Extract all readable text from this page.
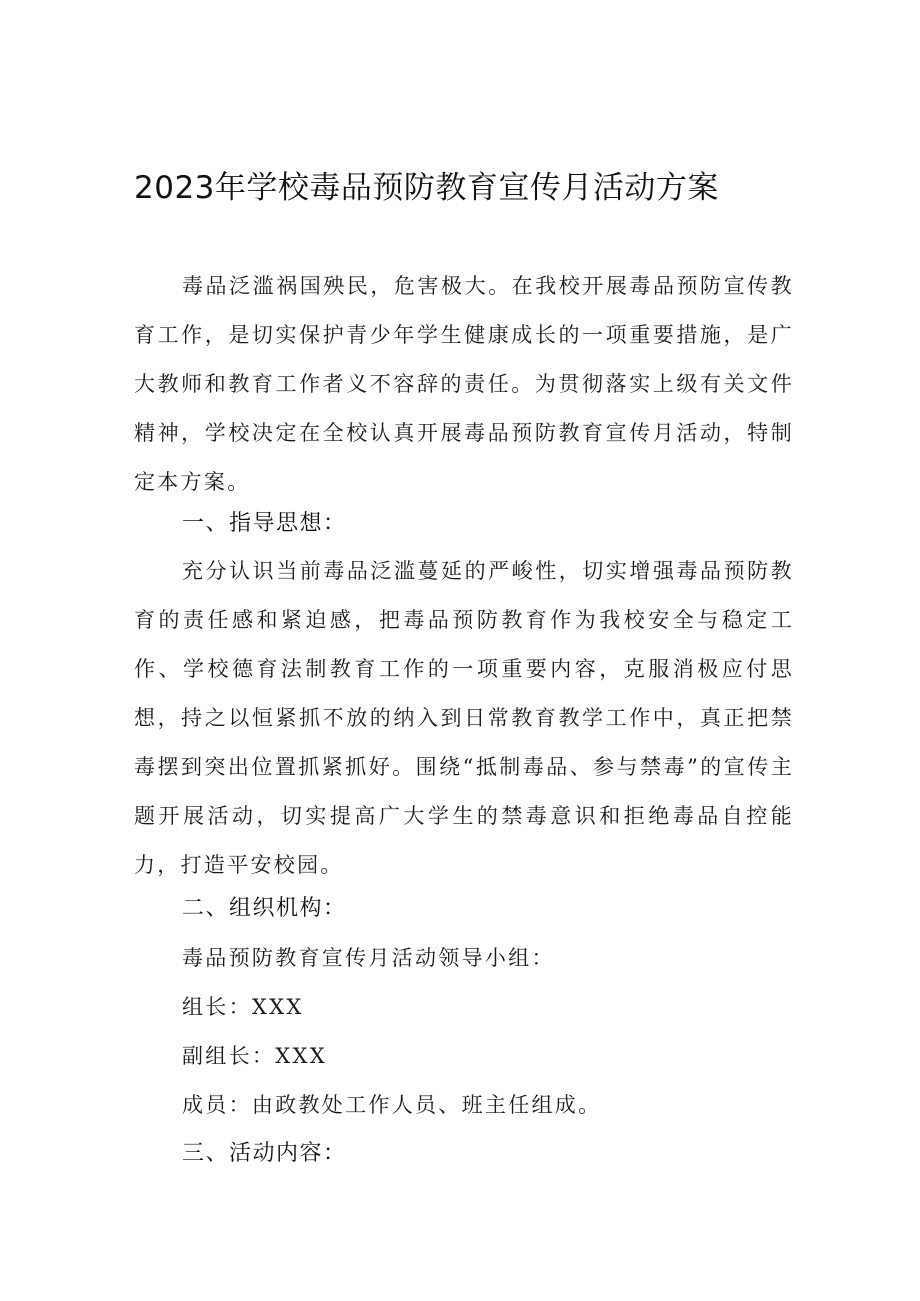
2023年学校毒品预防教育宣传月活动方案

毒品泛滥祸国殃民，危害极大。在我校开展毒品预防宣传教育工作，是切实保护青少年学生健康成长的一项重要措施，是广大教师和教育工作者义不容辞的责任。为贯彻落实上级有关文件精神，学校决定在全校认真开展毒品预防教育宣传月活动，特制定本方案。

一、指导思想：

充分认识当前毒品泛滥蔓延的严峻性，切实增强毒品预防教育的责任感和紧迫感，把毒品预防教育作为我校安全与稳定工作、学校德育法制教育工作的一项重要内容，克服消极应付思想，持之以恒紧抓不放的纳入到日常教育教学工作中，真正把禁毒摆到突出位置抓紧抓好。围绕“抵制毒品、参与禁毒”的宣传主题开展活动，切实提高广大学生的禁毒意识和拒绝毒品自控能力，打造平安校园。

二、组织机构：
毒品预防教育宣传月活动领导小组：
组长：XXX
副组长：XXX
成员：由政教处工作人员、班主任组成。
三、活动内容：
